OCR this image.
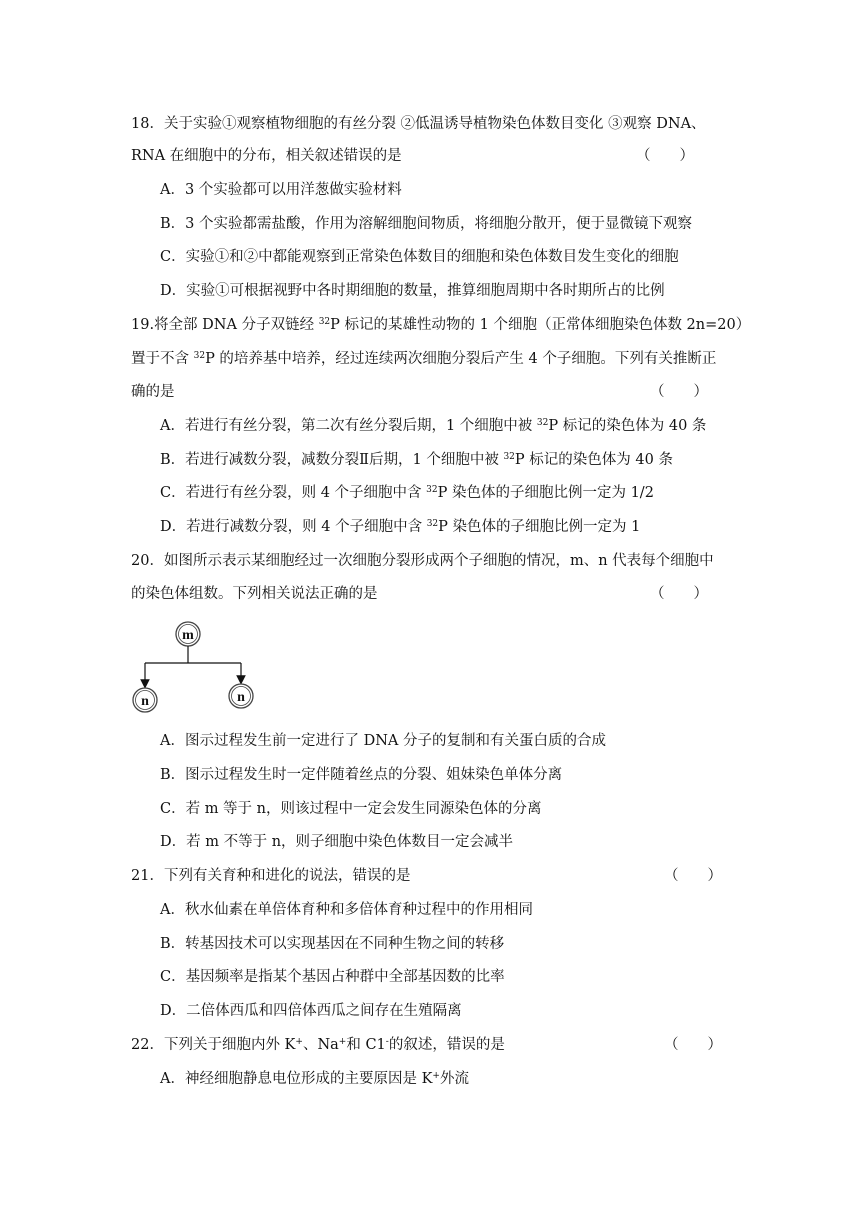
18．关于实验①观察植物细胞的有丝分裂 ②低温诱导植物染色体数目变化 ③观察 DNA、
RNA 在细胞中的分布，相关叙述错误的是	（　　）
A．3 个实验都可以用洋葱做实验材料
B．3 个实验都需盐酸，作用为溶解细胞间物质，将细胞分散开，便于显微镜下观察
C．实验①和②中都能观察到正常染色体数目的细胞和染色体数目发生变化的细胞
D．实验①可根据视野中各时期细胞的数量，推算细胞周期中各时期所占的比例
19.将全部 DNA 分子双链经 $^{32}$P 标记的某雄性动物的 1 个细胞（正常体细胞染色体数 2n=20）
置于不含 $^{32}$P 的培养基中培养，经过连续两次细胞分裂后产生 4 个子细胞。下列有关推断正
确的是	（　　）
A．若进行有丝分裂，第二次有丝分裂后期，1 个细胞中被 $^{32}$P 标记的染色体为 40 条
B．若进行减数分裂，减数分裂Ⅱ后期，1 个细胞中被 $^{32}$P 标记的染色体为 40 条
C．若进行有丝分裂，则 4 个子细胞中含 $^{32}$P 染色体的子细胞比例一定为 1/2
D．若进行减数分裂，则 4 个子细胞中含 $^{32}$P 染色体的子细胞比例一定为 1
20．如图所示表示某细胞经过一次细胞分裂形成两个子细胞的情况，m、n 代表每个细胞中
的染色体组数。下列相关说法正确的是	（　　）
m
n	n
A．图示过程发生前一定进行了 DNA 分子的复制和有关蛋白质的合成
B．图示过程发生时一定伴随着丝点的分裂、姐妹染色单体分离
C．若 m 等于 n，则该过程中一定会发生同源染色体的分离
D．若 m 不等于 n，则子细胞中染色体数目一定会减半
21．下列有关育种和进化的说法，错误的是	（　　）
A．秋水仙素在单倍体育种和多倍体育种过程中的作用相同
B．转基因技术可以实现基因在不同种生物之间的转移
C．基因频率是指某个基因占种群中全部基因数的比率
D．二倍体西瓜和四倍体西瓜之间存在生殖隔离
22．下列关于细胞内外 K+、Na+和 C1-的叙述，错误的是	（　　）
A．神经细胞静息电位形成的主要原因是 K+外流
